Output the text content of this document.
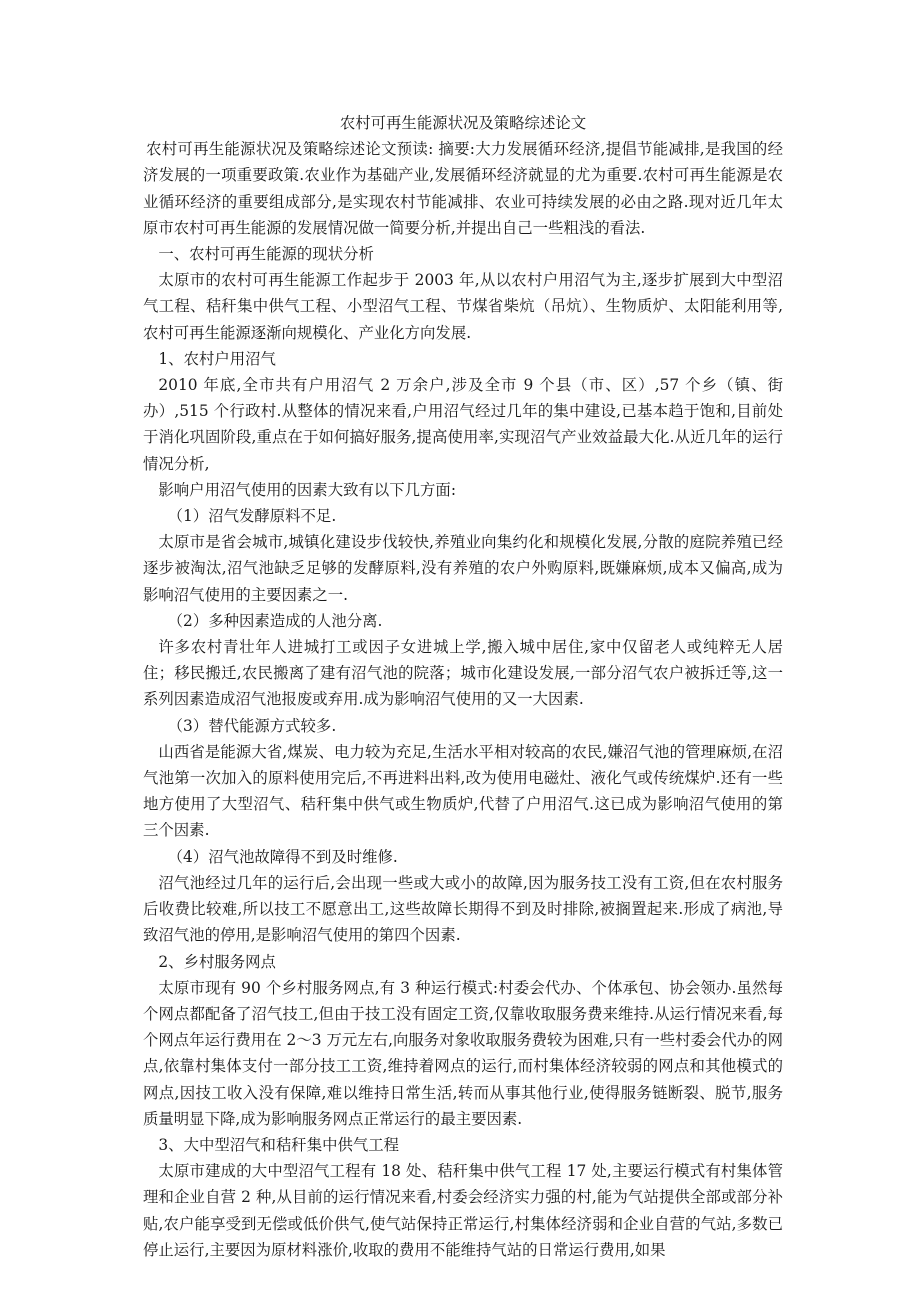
农村可再生能源状况及策略综述论文

农村可再生能源状况及策略综述论文预读: 摘要:大力发展循环经济,提倡节能减排,是我国的经济发展的一项重要政策.农业作为基础产业,发展循环经济就显的尤为重要.农村可再生能源是农业循环经济的重要组成部分,是实现农村节能减排、农业可持续发展的必由之路.现对近几年太原市农村可再生能源的发展情况做一简要分析,并提出自己一些粗浅的看法.

一、农村可再生能源的现状分析

太原市的农村可再生能源工作起步于 2003 年,从以农村户用沼气为主,逐步扩展到大中型沼气工程、秸秆集中供气工程、小型沼气工程、节煤省柴炕（吊炕）、生物质炉、太阳能利用等,农村可再生能源逐渐向规模化、产业化方向发展.

1、农村户用沼气

2010 年底,全市共有户用沼气 2 万余户,涉及全市 9 个县（市、区）,57 个乡（镇、街办）,515 个行政村.从整体的情况来看,户用沼气经过几年的集中建设,已基本趋于饱和,目前处于消化巩固阶段,重点在于如何搞好服务,提高使用率,实现沼气产业效益最大化.从近几年的运行情况分析,

影响户用沼气使用的因素大致有以下几方面:

（1）沼气发酵原料不足.

太原市是省会城市,城镇化建设步伐较快,养殖业向集约化和规模化发展,分散的庭院养殖已经逐步被淘汰,沼气池缺乏足够的发酵原料,没有养殖的农户外购原料,既嫌麻烦,成本又偏高,成为影响沼气使用的主要因素之一.

（2）多种因素造成的人池分离.

许多农村青壮年人进城打工或因子女进城上学,搬入城中居住,家中仅留老人或纯粹无人居住；移民搬迁,农民搬离了建有沼气池的院落；城市化建设发展,一部分沼气农户被拆迁等,这一系列因素造成沼气池报废或弃用.成为影响沼气使用的又一大因素.

（3）替代能源方式较多.

山西省是能源大省,煤炭、电力较为充足,生活水平相对较高的农民,嫌沼气池的管理麻烦,在沼气池第一次加入的原料使用完后,不再进料出料,改为使用电磁灶、液化气或传统煤炉.还有一些地方使用了大型沼气、秸秆集中供气或生物质炉,代替了户用沼气.这已成为影响沼气使用的第三个因素.

（4）沼气池故障得不到及时维修.

沼气池经过几年的运行后,会出现一些或大或小的故障,因为服务技工没有工资,但在农村服务后收费比较难,所以技工不愿意出工,这些故障长期得不到及时排除,被搁置起来.形成了病池,导致沼气池的停用,是影响沼气使用的第四个因素.

2、乡村服务网点

太原市现有 90 个乡村服务网点,有 3 种运行模式:村委会代办、个体承包、协会领办.虽然每个网点都配备了沼气技工,但由于技工没有固定工资,仅靠收取服务费来维持.从运行情况来看,每个网点年运行费用在 2～3 万元左右,向服务对象收取服务费较为困难,只有一些村委会代办的网点,依靠村集体支付一部分技工工资,维持着网点的运行,而村集体经济较弱的网点和其他模式的网点,因技工收入没有保障,难以维持日常生活,转而从事其他行业,使得服务链断裂、脱节,服务质量明显下降,成为影响服务网点正常运行的最主要因素.

3、大中型沼气和秸秆集中供气工程

太原市建成的大中型沼气工程有 18 处、秸秆集中供气工程 17 处,主要运行模式有村集体管理和企业自营 2 种,从目前的运行情况来看,村委会经济实力强的村,能为气站提供全部或部分补贴,农户能享受到无偿或低价供气,使气站保持正常运行,村集体经济弱和企业自营的气站,多数已停止运行,主要因为原材料涨价,收取的费用不能维持气站的日常运行费用,如果
